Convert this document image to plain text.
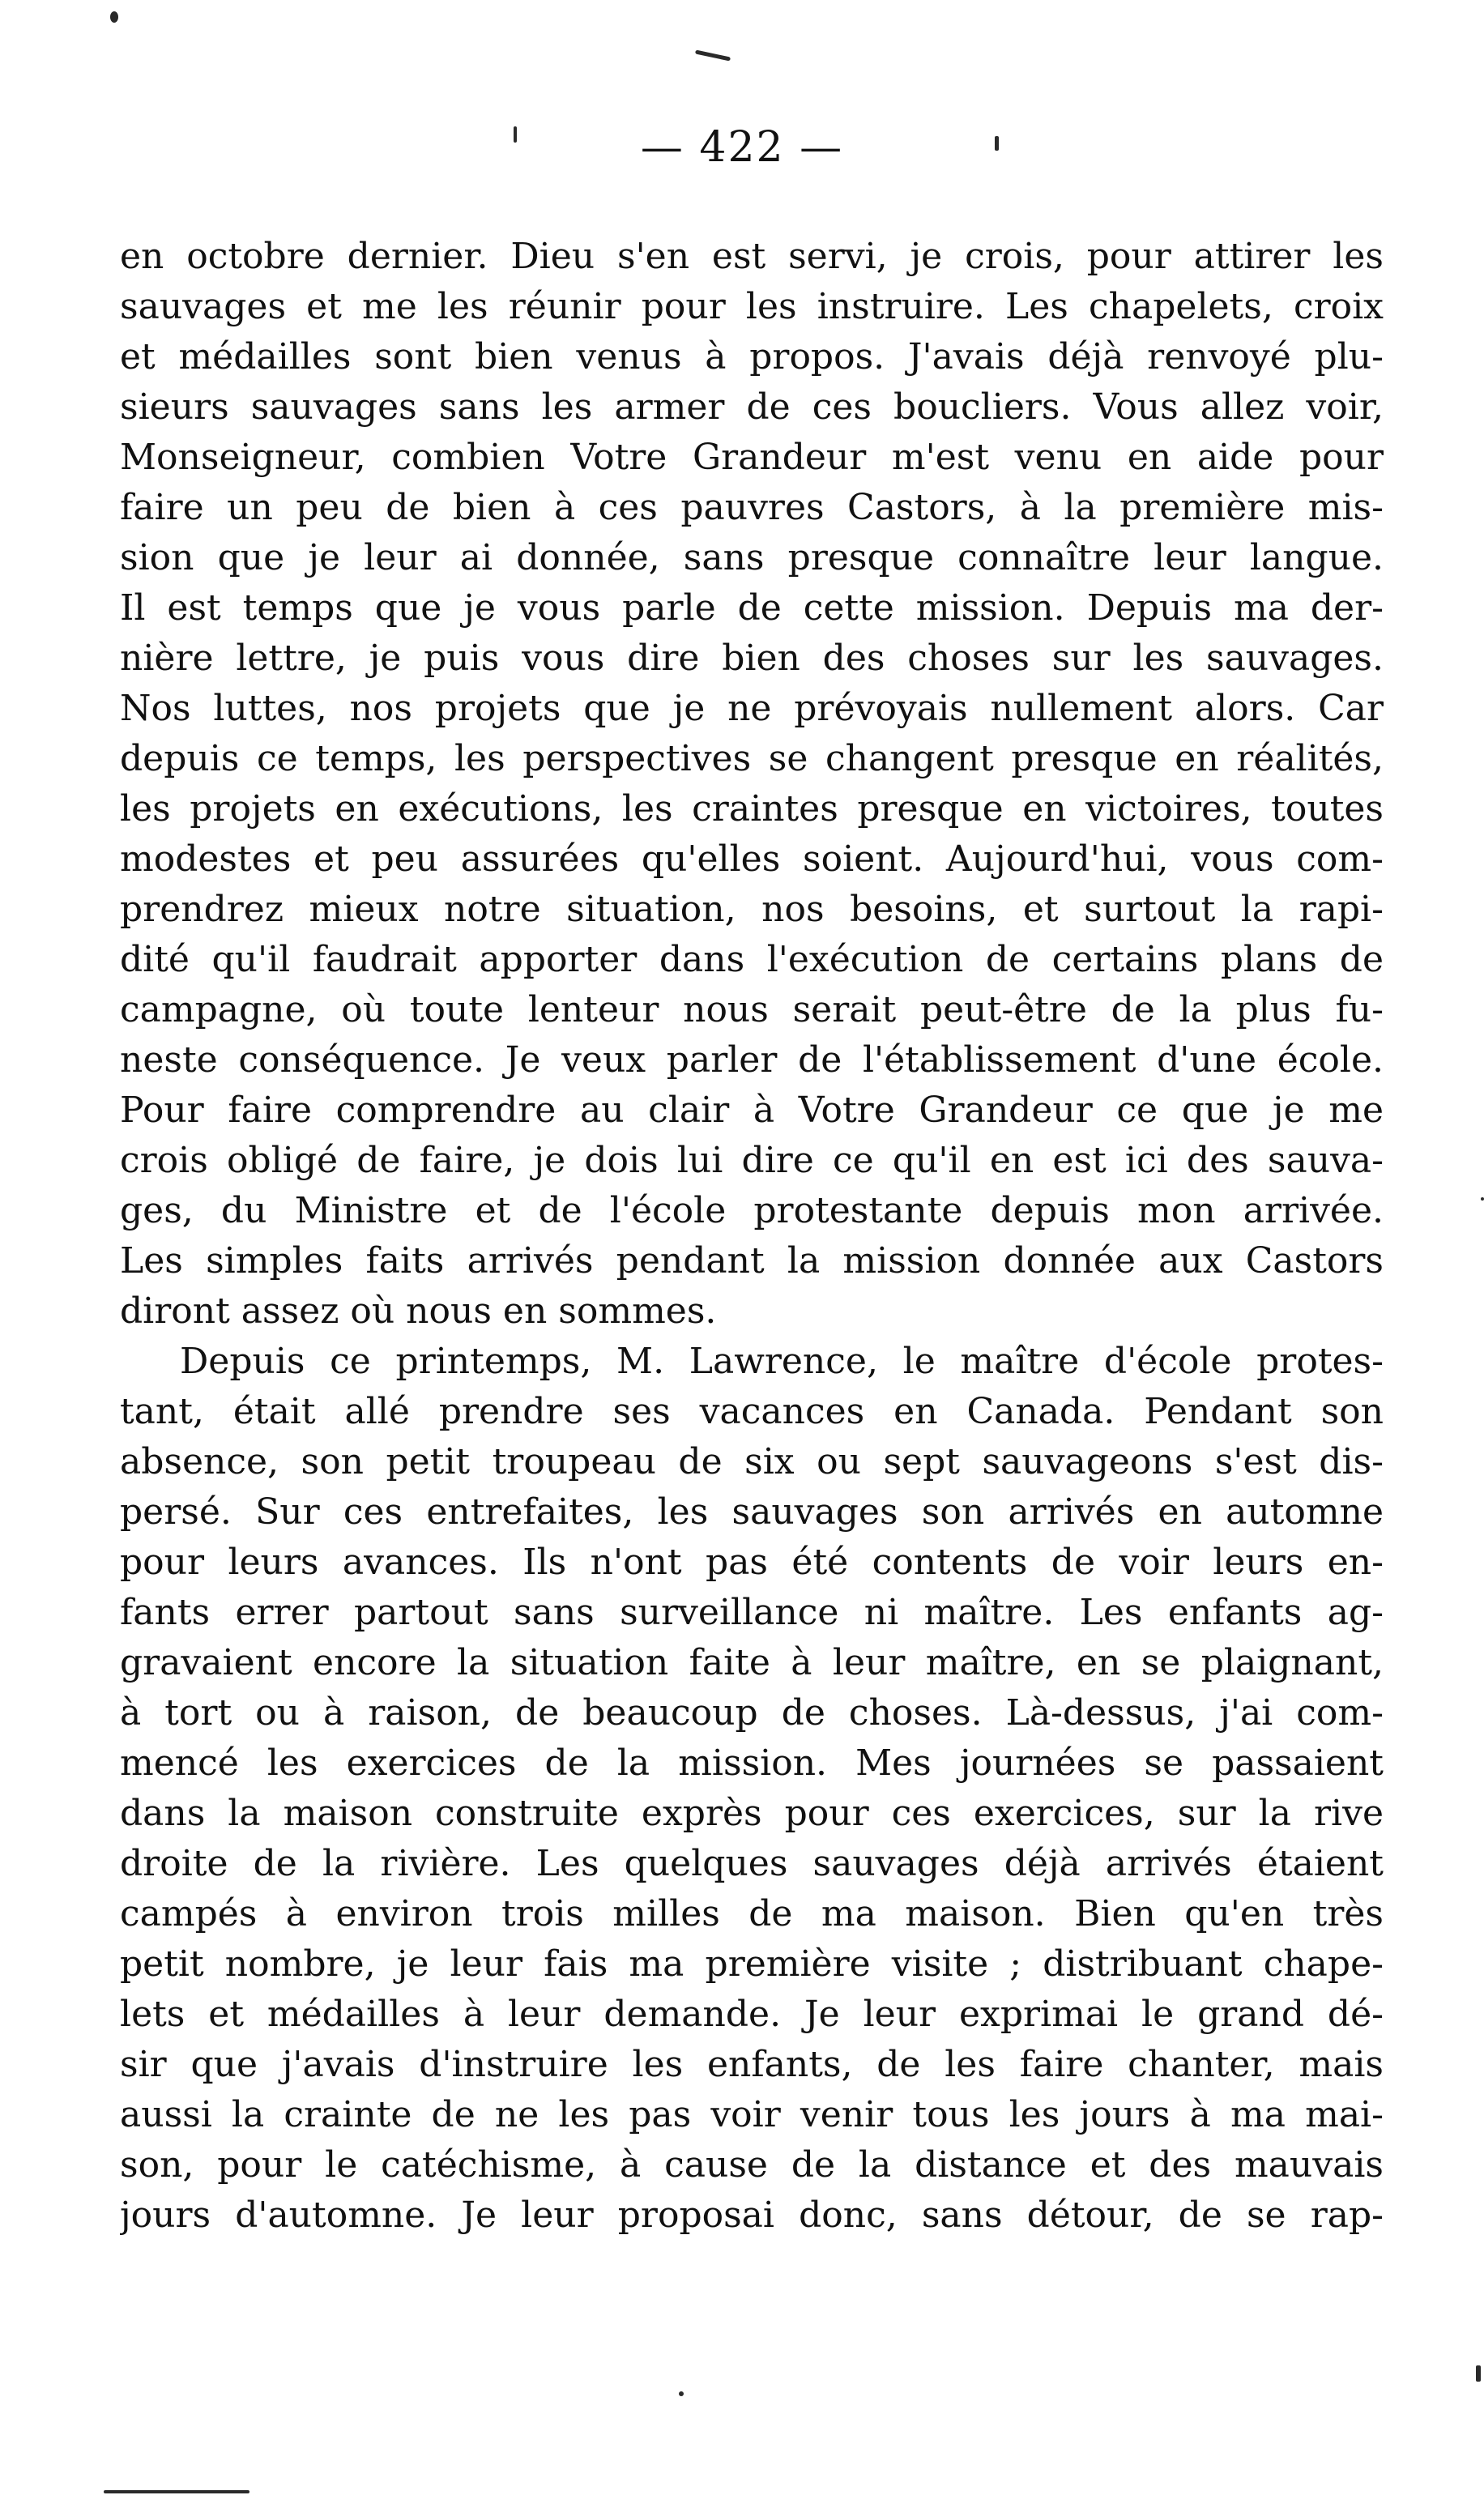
— 422 —
en octobre dernier. Dieu s'en est servi, je crois, pour attirer les
sauvages et me les réunir pour les instruire. Les chapelets, croix
et médailles sont bien venus à propos. J'avais déjà renvoyé plu-
sieurs sauvages sans les armer de ces boucliers. Vous allez voir,
Monseigneur, combien Votre Grandeur m'est venu en aide pour
faire un peu de bien à ces pauvres Castors, à la première mis-
sion que je leur ai donnée, sans presque connaître leur langue.
Il est temps que je vous parle de cette mission. Depuis ma der-
nière lettre, je puis vous dire bien des choses sur les sauvages.
Nos luttes, nos projets que je ne prévoyais nullement alors. Car
depuis ce temps, les perspectives se changent presque en réalités,
les projets en exécutions, les craintes presque en victoires, toutes
modestes et peu assurées qu'elles soient. Aujourd'hui, vous com-
prendrez mieux notre situation, nos besoins, et surtout la rapi-
dité qu'il faudrait apporter dans l'exécution de certains plans de
campagne, où toute lenteur nous serait peut-être de la plus fu-
neste conséquence. Je veux parler de l'établissement d'une école.
Pour faire comprendre au clair à Votre Grandeur ce que je me
crois obligé de faire, je dois lui dire ce qu'il en est ici des sauva-
ges, du Ministre et de l'école protestante depuis mon arrivée.
Les simples faits arrivés pendant la mission donnée aux Castors
diront assez où nous en sommes.
Depuis ce printemps, M. Lawrence, le maître d'école protes-
tant, était allé prendre ses vacances en Canada. Pendant son
absence, son petit troupeau de six ou sept sauvageons s'est dis-
persé. Sur ces entrefaites, les sauvages son arrivés en automne
pour leurs avances. Ils n'ont pas été contents de voir leurs en-
fants errer partout sans surveillance ni maître. Les enfants ag-
gravaient encore la situation faite à leur maître, en se plaignant,
à tort ou à raison, de beaucoup de choses. Là-dessus, j'ai com-
mencé les exercices de la mission. Mes journées se passaient
dans la maison construite exprès pour ces exercices, sur la rive
droite de la rivière. Les quelques sauvages déjà arrivés étaient
campés à environ trois milles de ma maison. Bien qu'en très
petit nombre, je leur fais ma première visite ; distribuant chape-
lets et médailles à leur demande. Je leur exprimai le grand dé-
sir que j'avais d'instruire les enfants, de les faire chanter, mais
aussi la crainte de ne les pas voir venir tous les jours à ma mai-
son, pour le catéchisme, à cause de la distance et des mauvais
jours d'automne. Je leur proposai donc, sans détour, de se rap-
